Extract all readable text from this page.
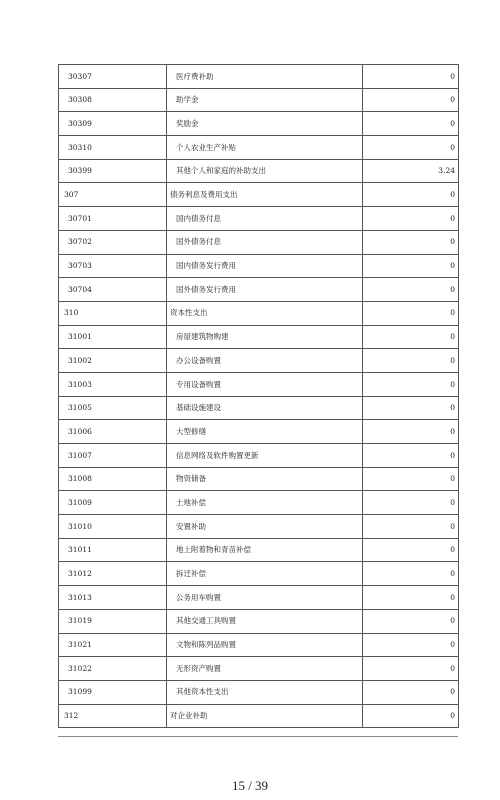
30307	医疗费补助	0
30308	助学金	0
30309	奖励金	0
30310	个人农业生产补贴	0
30399	其他个人和家庭的补助支出	3.24
307	债务利息及费用支出	0
30701	国内债务付息	0
30702	国外债务付息	0
30703	国内债务发行费用	0
30704	国外债务发行费用	0
310	资本性支出	0
31001	房屋建筑物购建	0
31002	办公设备购置	0
31003	专用设备购置	0
31005	基础设施建设	0
31006	大型修缮	0
31007	信息网络及软件购置更新	0
31008	物资储备	0
31009	土地补偿	0
31010	安置补助	0
31011	地上附着物和青苗补偿	0
31012	拆迁补偿	0
31013	公务用车购置	0
31019	其他交通工具购置	0
31021	文物和陈列品购置	0
31022	无形资产购置	0
31099	其他资本性支出	0
312	对企业补助	0
15 / 39
